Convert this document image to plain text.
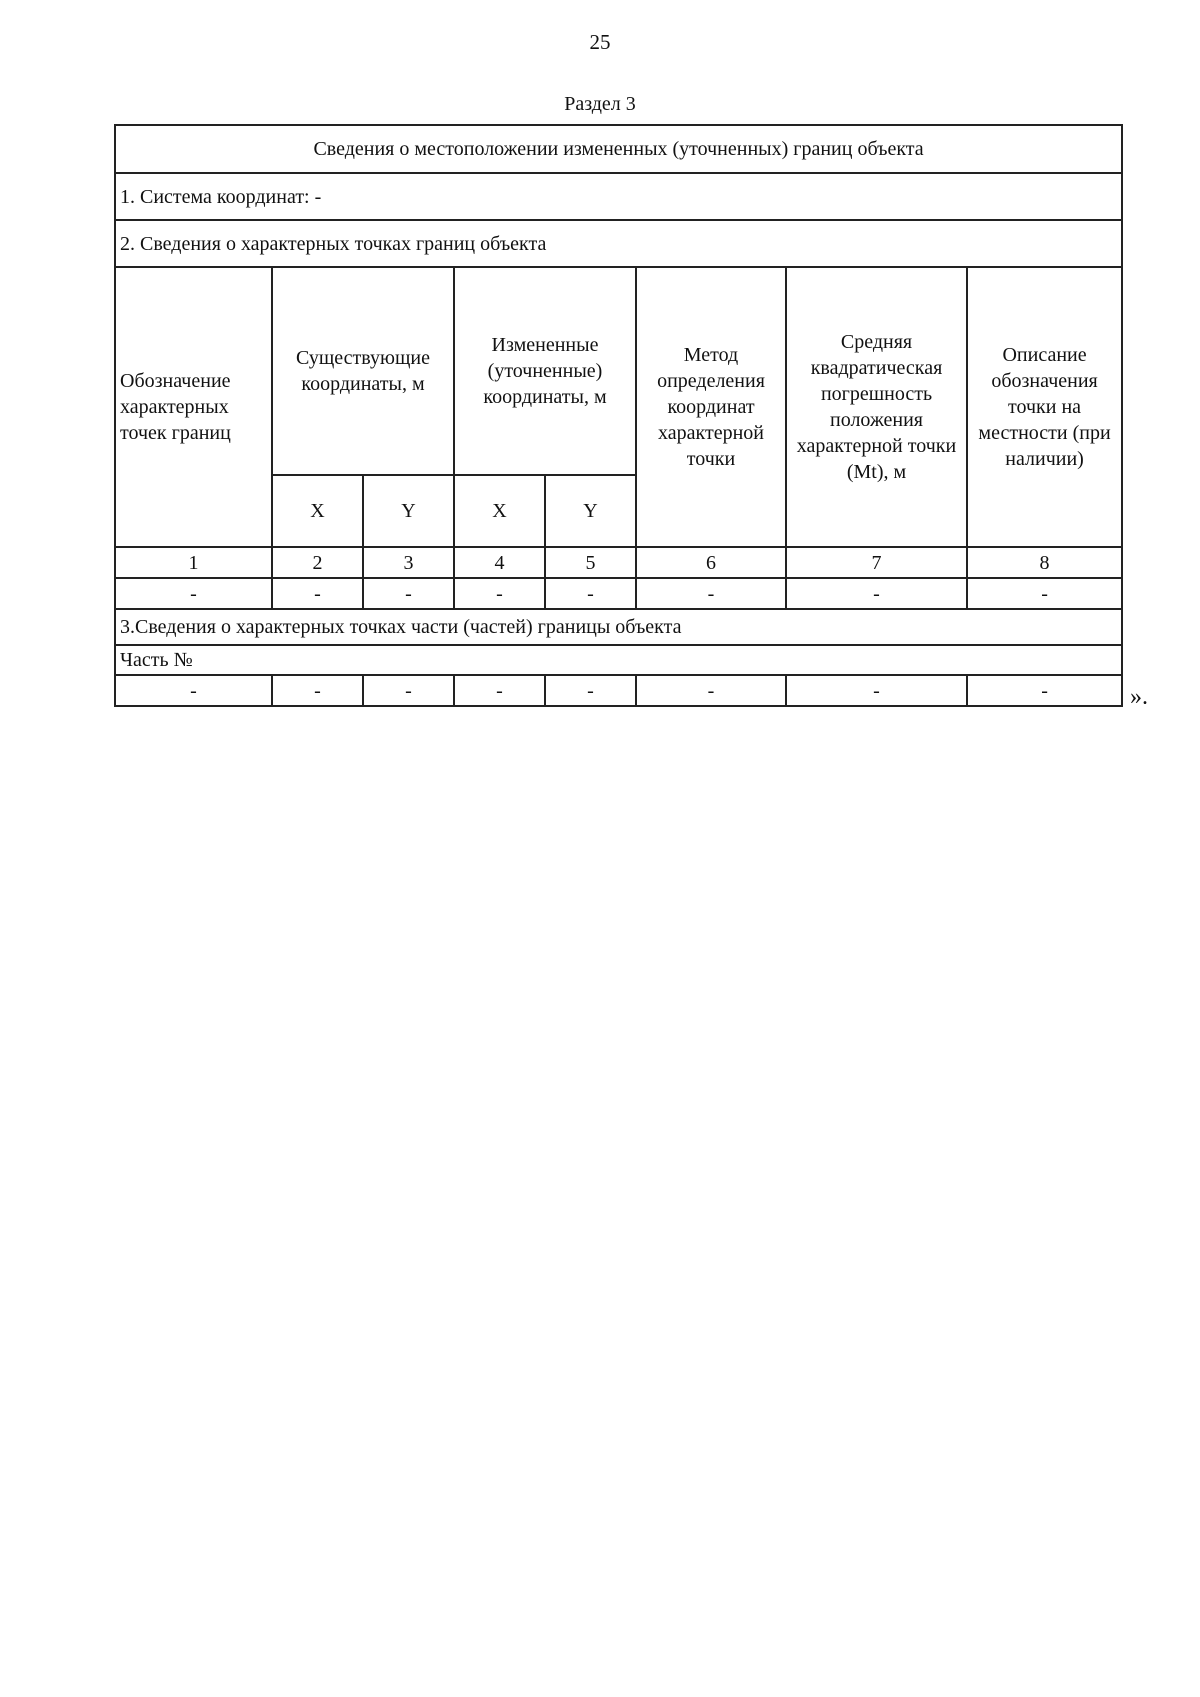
25
Раздел 3
Сведения о местоположении измененных (уточненных) границ объекта							
1. Система координат: -							
2. Сведения о характерных точках границ объекта							
Обозначение характерных точек границ	Существующие координаты, м		Измененные (уточненные) координаты, м		Метод определения координат характерной точки	Средняя квадратическая погрешность положения характерной точки (Mt), м	Описание обозначения точки на местности (при наличии)
	X	Y	X	Y			
1	2	3	4	5	6	7	8
-	-	-	-	-	-	-	-
3.Сведения о характерных точках части (частей) границы объекта							
Часть №							
-	-	-	-	-	-	-	-	».
